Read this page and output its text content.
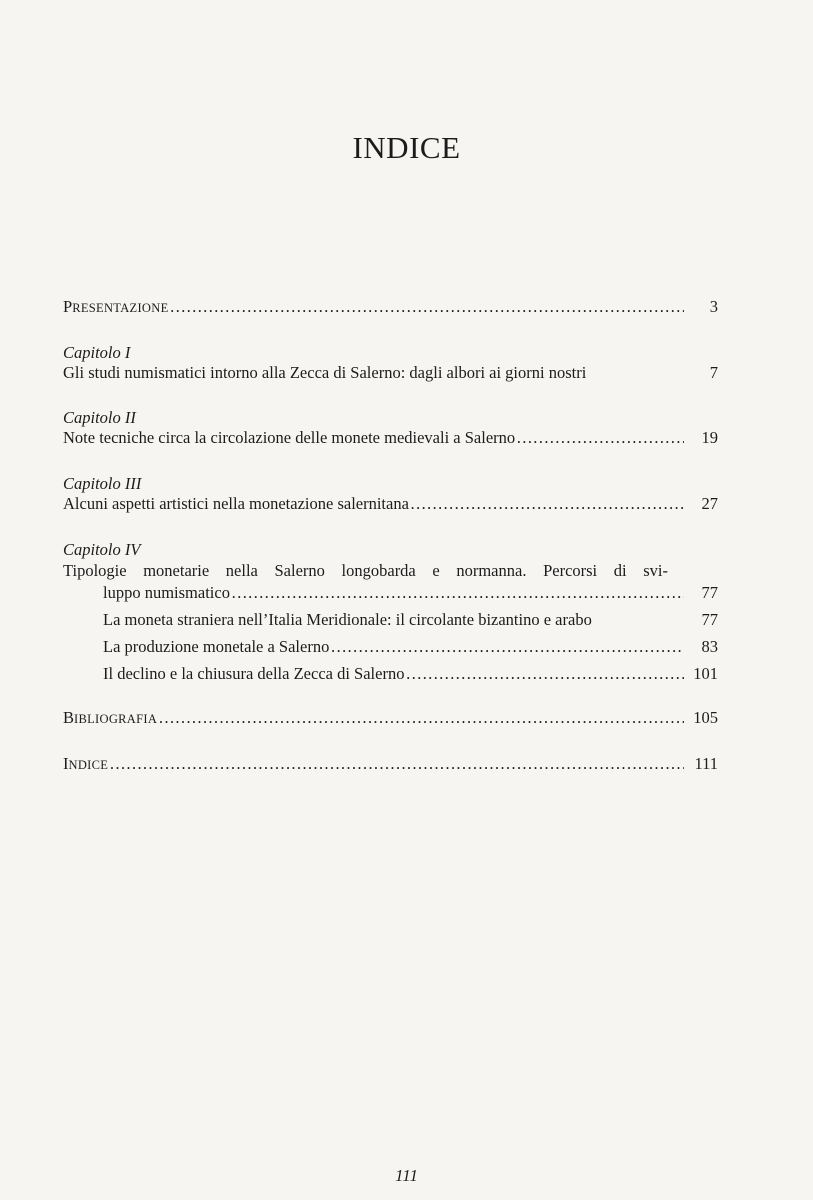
INDICE
PRESENTAZIONE ……………………………………………………………………………………………………………………………………………………………	3
Capitolo I
Gli studi numismatici intorno alla Zecca di Salerno: dagli albori ai giorni nostri	7
Capitolo II
Note tecniche circa la circolazione delle monete medievali a Salerno ……………………………………………………………………………………………………………………………………………………………	19
Capitolo III
Alcuni aspetti artistici nella monetazione salernitana ……………………………………………………………………………………………………………………………………………………………	27
Capitolo IV
Tipologie monetarie nella Salerno longobarda e normanna. Percorsi di svi-
luppo numismatico ……………………………………………………………………………………………………………………………………………………………	77
La moneta straniera nell’Italia Meridionale: il circolante bizantino e arabo	77
La produzione monetale a Salerno ……………………………………………………………………………………………………………………………………………………………	83
Il declino e la chiusura della Zecca di Salerno ……………………………………………………………………………………………………………………………………………………………	101
BIBLIOGRAFIA ……………………………………………………………………………………………………………………………………………………………	105
INDICE ……………………………………………………………………………………………………………………………………………………………	111
111
